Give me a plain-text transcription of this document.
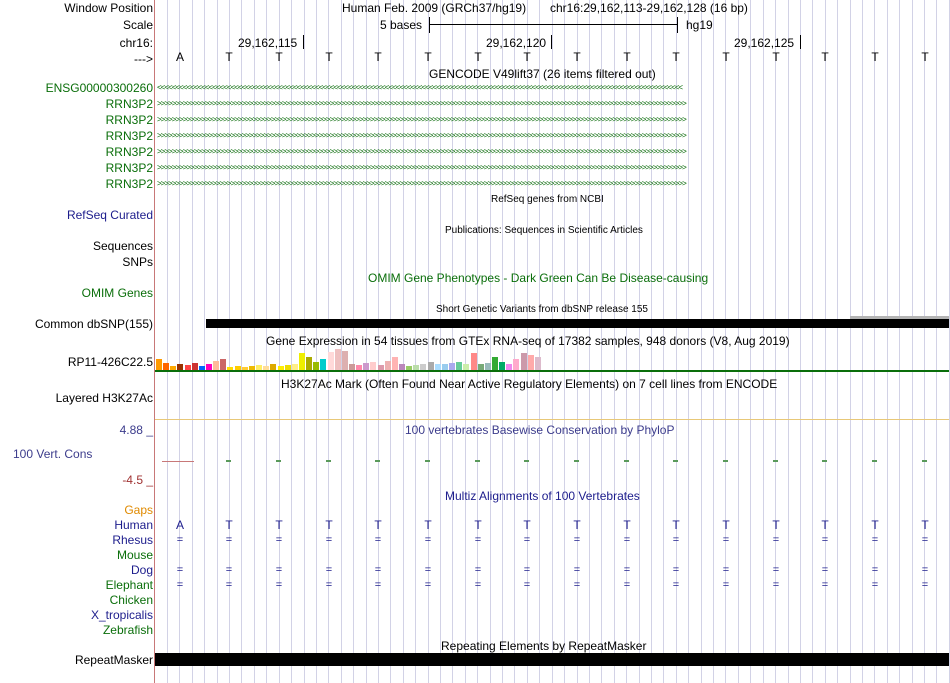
Window Position	Human Feb. 2009 (GRCh37/hg19) chr16:29,162,113-29,162,128 (16 bp)
Scale	5 bases	hg19
chr16:	29,162,115	29,162,120	29,162,125
--->	A	T	T	T	T	T	T	T	T	T	T	T	T	T	T	T
GENCODE V49lift37 (26 items filtered out)
ENSG00000300260 <<<<<<<<<<<<<<<<<<<<<<<<<<<<<<<<<<<<<<<<<<<<<<<<<<<<<<<<<<<<<<<<<<<<<<<<<<<<<<<<<<<<<<<<<<<<<<<<<<<<<<<<<<<<<<<<<<<<<<<<<<<<<<<<<<<<<<<<<<<<<<<
RRN3P2 >>>>>>>>>>>>>>>>>>>>>>>>>>>>>>>>>>>>>>>>>>>>>>>>>>>>>>>>>>>>>>>>>>>>>>>>>>>>>>>>>>>>>>>>>>>>>>>>>>>>>>>>>>>>>>>>>>>>>>>>>>>>>>>>>>>>>>>>>>>>>>>>
RRN3P2 >>>>>>>>>>>>>>>>>>>>>>>>>>>>>>>>>>>>>>>>>>>>>>>>>>>>>>>>>>>>>>>>>>>>>>>>>>>>>>>>>>>>>>>>>>>>>>>>>>>>>>>>>>>>>>>>>>>>>>>>>>>>>>>>>>>>>>>>>>>>>>>>
RRN3P2 >>>>>>>>>>>>>>>>>>>>>>>>>>>>>>>>>>>>>>>>>>>>>>>>>>>>>>>>>>>>>>>>>>>>>>>>>>>>>>>>>>>>>>>>>>>>>>>>>>>>>>>>>>>>>>>>>>>>>>>>>>>>>>>>>>>>>>>>>>>>>>>>
RRN3P2 >>>>>>>>>>>>>>>>>>>>>>>>>>>>>>>>>>>>>>>>>>>>>>>>>>>>>>>>>>>>>>>>>>>>>>>>>>>>>>>>>>>>>>>>>>>>>>>>>>>>>>>>>>>>>>>>>>>>>>>>>>>>>>>>>>>>>>>>>>>>>>>>
RRN3P2 >>>>>>>>>>>>>>>>>>>>>>>>>>>>>>>>>>>>>>>>>>>>>>>>>>>>>>>>>>>>>>>>>>>>>>>>>>>>>>>>>>>>>>>>>>>>>>>>>>>>>>>>>>>>>>>>>>>>>>>>>>>>>>>>>>>>>>>>>>>>>>>>
RRN3P2 >>>>>>>>>>>>>>>>>>>>>>>>>>>>>>>>>>>>>>>>>>>>>>>>>>>>>>>>>>>>>>>>>>>>>>>>>>>>>>>>>>>>>>>>>>>>>>>>>>>>>>>>>>>>>>>>>>>>>>>>>>>>>>>>>>>>>>>>>>>>>>>>
RefSeq genes from NCBI
RefSeq Curated
Publications: Sequences in Scientific Articles
Sequences
SNPs
OMIM Gene Phenotypes - Dark Green Can Be Disease-causing
OMIM Genes
Short Genetic Variants from dbSNP release 155
Common dbSNP(155)
Gene Expression in 54 tissues from GTEx RNA-seq of 17382 samples, 948 donors (V8, Aug 2019)
RP11-426C22.5
H3K27Ac Mark (Often Found Near Active Regulatory Elements) on 7 cell lines from ENCODE
Layered H3K27Ac
4.88 _	100 vertebrates Basewise Conservation by PhyloP
100 Vert. Cons
-4.5 _
Multiz Alignments of 100 Vertebrates
Gaps
Human	A	T	T	T	T	T	T	T	T	T	T	T	T	T	T	T
Rhesus	=	=	=	=	=	=	=	=	=	=	=	=	=	=	=	=
Mouse
Dog	=	=	=	=	=	=	=	=	=	=	=	=	=	=	=	=
Elephant	=	=	=	=	=	=	=	=	=	=	=	=	=	=	=	=
Chicken
X_tropicalis
Zebrafish
Repeating Elements by RepeatMasker
RepeatMasker
